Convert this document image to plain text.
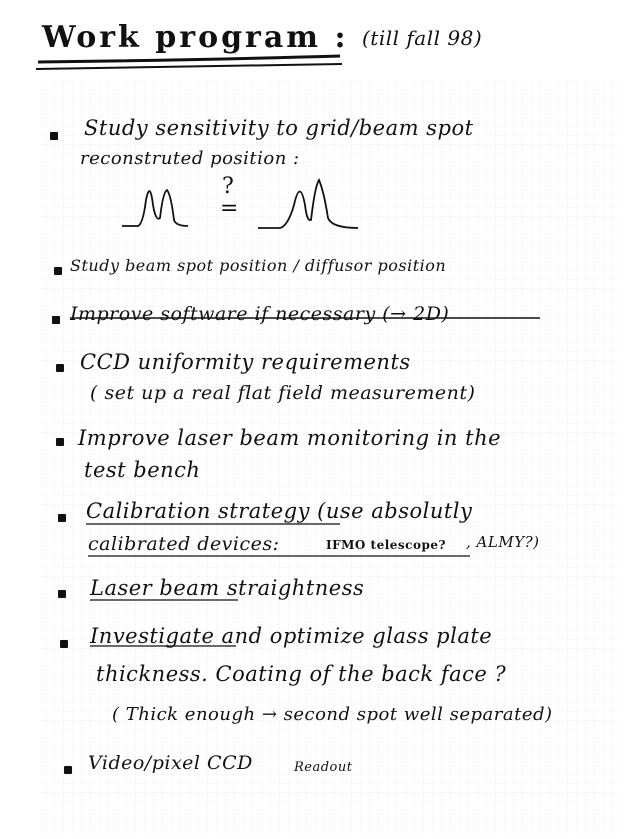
Work program : (till fall 98)
Study sensitivity to grid/beam spot
reconstruted position :
?
=
Study beam spot position / diffusor position
Improve software if necessary (→ 2D)
CCD uniformity requirements
( set up a real flat field measurement)
Improve laser beam monitoring in the
test bench
Calibration strategy (use absolutly
calibrated devices:	IFMO telescope? , ALMY?)
Laser beam straightness
Investigate and optimize glass plate
thickness. Coating of the back face ?
( Thick enough → second spot well separated)
Video/pixel CCD	Readout
